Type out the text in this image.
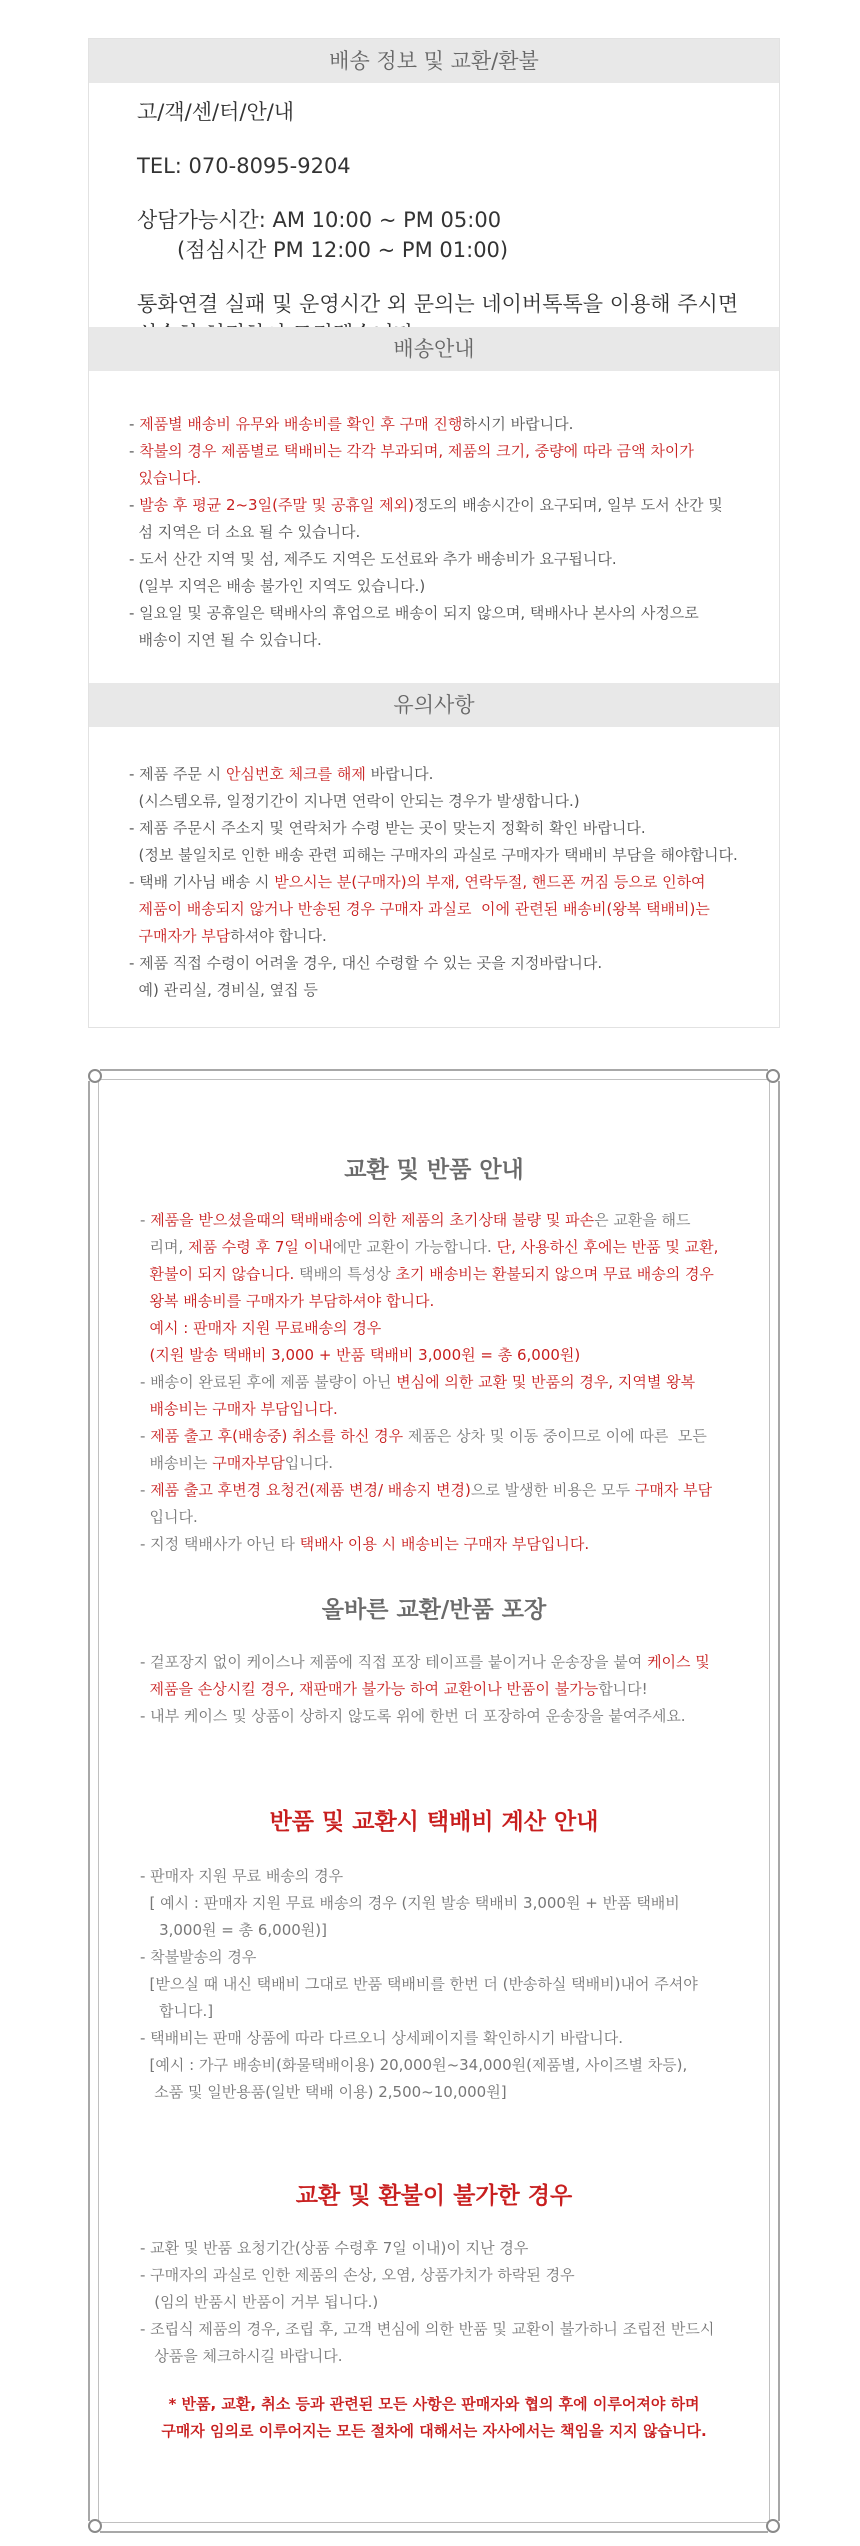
배송 정보 및 교환/환불
고/객/센/터/안/내
TEL: 070-8095-9204
상담가능시간: AM 10:00 ~ PM 05:00
(점심시간 PM 12:00 ~ PM 01:00)
통화연결 실패 및 운영시간 외 문의는 네이버톡톡을 이용해 주시면
배송안내
- 제품별 배송비 유무와 배송비를 확인 후 구매 진행하시기 바랍니다.
- 착불의 경우 제품별로 택배비는 각각 부과되며, 제품의 크기, 중량에 따라 금액 차이가
있습니다.
- 발송 후 평균 2~3일(주말 및 공휴일 제외)정도의 배송시간이 요구되며, 일부 도서 산간 및
섬 지역은 더 소요 될 수 있습니다.
- 도서 산간 지역 및 섬, 제주도 지역은 도선료와 추가 배송비가 요구됩니다.
(일부 지역은 배송 불가인 지역도 있습니다.)
- 일요일 및 공휴일은 택배사의 휴업으로 배송이 되지 않으며, 택배사나 본사의 사정으로
배송이 지연 될 수 있습니다.
유의사항
- 제품 주문 시 안심번호 체크를 해제 바랍니다.
(시스템오류, 일정기간이 지나면 연락이 안되는 경우가 발생합니다.)
- 제품 주문시 주소지 및 연락처가 수령 받는 곳이 맞는지 정확히 확인 바랍니다.
(정보 불일치로 인한 배송 관련 피해는 구매자의 과실로 구매자가 택배비 부담을 해야합니다.
- 택배 기사님 배송 시 받으시는 분(구매자)의 부재, 연락두절, 핸드폰 꺼짐 등으로 인하여
제품이 배송되지 않거나 반송된 경우 구매자 과실로  이에 관련된 배송비(왕복 택배비)는
구매자가 부담하셔야 합니다.
- 제품 직접 수령이 어려울 경우, 대신 수령할 수 있는 곳을 지정바랍니다.
예) 관리실, 경비실, 옆집 등
교환 및 반품 안내
- 제품을 받으셨을때의 택배배송에 의한 제품의 초기상태 불량 및 파손은 교환을 해드
리며, 제품 수령 후 7일 이내에만 교환이 가능합니다. 단, 사용하신 후에는 반품 및 교환,
환불이 되지 않습니다. 택배의 특성상 초기 배송비는 환불되지 않으며 무료 배송의 경우
왕복 배송비를 구매자가 부담하셔야 합니다.
예시 : 판매자 지원 무료배송의 경우
(지원 발송 택배비 3,000 + 반품 택배비 3,000원 = 총 6,000원)
- 배송이 완료된 후에 제품 불량이 아닌 변심에 의한 교환 및 반품의 경우, 지역별 왕복
배송비는 구매자 부담입니다.
- 제품 출고 후(배송중) 취소를 하신 경우 제품은 상차 및 이동 중이므로 이에 따른  모든
배송비는 구매자부담입니다.
- 제품 출고 후변경 요청건(제품 변경/ 배송지 변경)으로 발생한 비용은 모두 구매자 부담
입니다.
- 지정 택배사가 아닌 타 택배사 이용 시 배송비는 구매자 부담입니다.
올바른 교환/반품 포장
- 겉포장지 없이 케이스나 제품에 직접 포장 테이프를 붙이거나 운송장을 붙여 케이스 및
제품을 손상시킬 경우, 재판매가 불가능 하여 교환이나 반품이 불가능합니다!
- 내부 케이스 및 상품이 상하지 않도록 위에 한번 더 포장하여 운송장을 붙여주세요.
반품 및 교환시 택배비 계산 안내
- 판매자 지원 무료 배송의 경우
[ 예시 : 판매자 지원 무료 배송의 경우 (지원 발송 택배비 3,000원 + 반품 택배비
3,000원 = 총 6,000원)]
- 착불발송의 경우
[받으실 때 내신 택배비 그대로 반품 택배비를 한번 더 (반송하실 택배비)내어 주셔야
합니다.]
- 택배비는 판매 상품에 따라 다르오니 상세페이지를 확인하시기 바랍니다.
[예시 : 가구 배송비(화물택배이용) 20,000원~34,000원(제품별, 사이즈별 차등),
소품 및 일반용품(일반 택배 이용) 2,500~10,000원]
교환 및 환불이 불가한 경우
- 교환 및 반품 요청기간(상품 수령후 7일 이내)이 지난 경우
- 구매자의 과실로 인한 제품의 손상, 오염, 상품가치가 하락된 경우
(임의 반품시 반품이 거부 됩니다.)
- 조립식 제품의 경우, 조립 후, 고객 변심에 의한 반품 및 교환이 불가하니 조립전 반드시
상품을 체크하시길 바랍니다.
* 반품, 교환, 취소 등과 관련된 모든 사항은 판매자와 협의 후에 이루어져야 하며
구매자 임의로 이루어지는 모든 절차에 대해서는 자사에서는 책임을 지지 않습니다.
